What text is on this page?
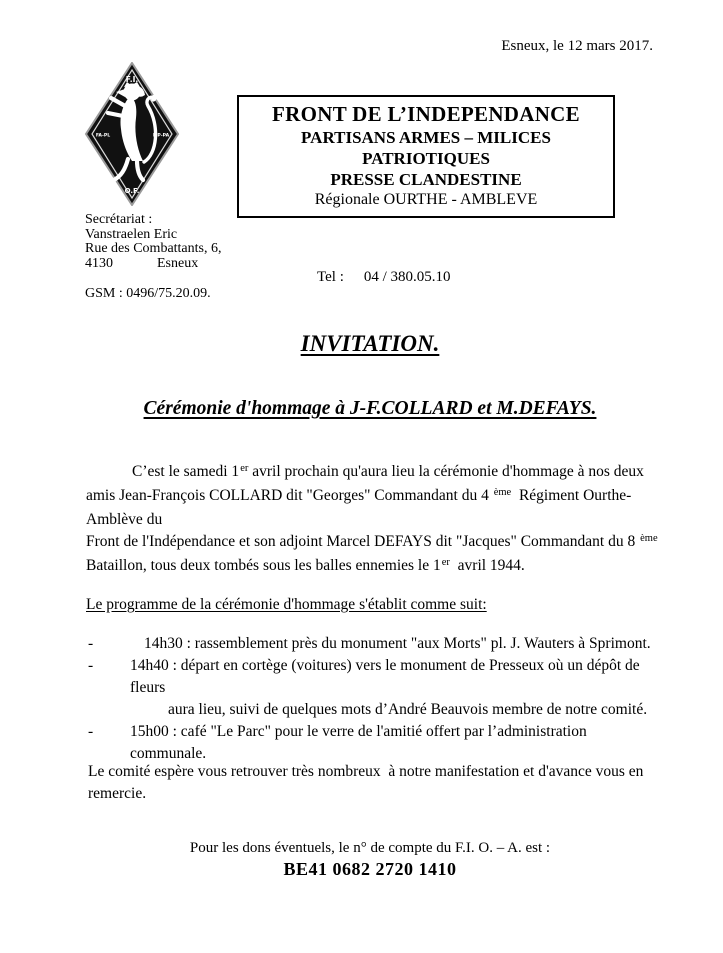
Esneux, le 12 mars 2017.
F.I.
FA-PL	MP-PA
O.F.
FRONT DE L’INDEPENDANCE
PARTISANS ARMES – MILICES PATRIOTIQUES
PRESSE CLANDESTINE
Régionale OURTHE - AMBLEVE
Secrétariat :
Vanstraelen Eric
Rue des Combattants, 6,
4130	Esneux
GSM : 0496/75.20.09.
Tel : 04 / 380.05.10
INVITATION.
Cérémonie d'hommage à J-F.COLLARD et M.DEFAYS.
C’est le samedi 1er avril prochain qu'aura lieu la cérémonie d'hommage à nos deux
amis Jean-François COLLARD dit "Georges" Commandant du 4 $^{ème}$  Régiment Ourthe-
Amblève du
Front de l'Indépendance et son adjoint Marcel DEFAYS dit "Jacques" Commandant du 8 $^{ème}$
Bataillon, tous deux tombés sous les balles ennemies le 1er  avril 1944.
Le programme de la cérémonie d'hommage s'établit comme suit:
-	14h30 : rassemblement près du monument "aux Morts" pl. J. Wauters à Sprimont.
-	14h40 : départ en cortège (voitures) vers le monument de Presseux où un dépôt de fleurs
aura lieu, suivi de quelques mots d’André Beauvois membre de notre comité.
-	15h00 : café "Le Parc" pour le verre de l'amitié offert par l’administration communale.
Le comité espère vous retrouver très nombreux  à notre manifestation et d'avance vous en
remercie.
Pour les dons éventuels, le n° de compte du F.I. O. – A. est :
BE41 0682 2720 1410
